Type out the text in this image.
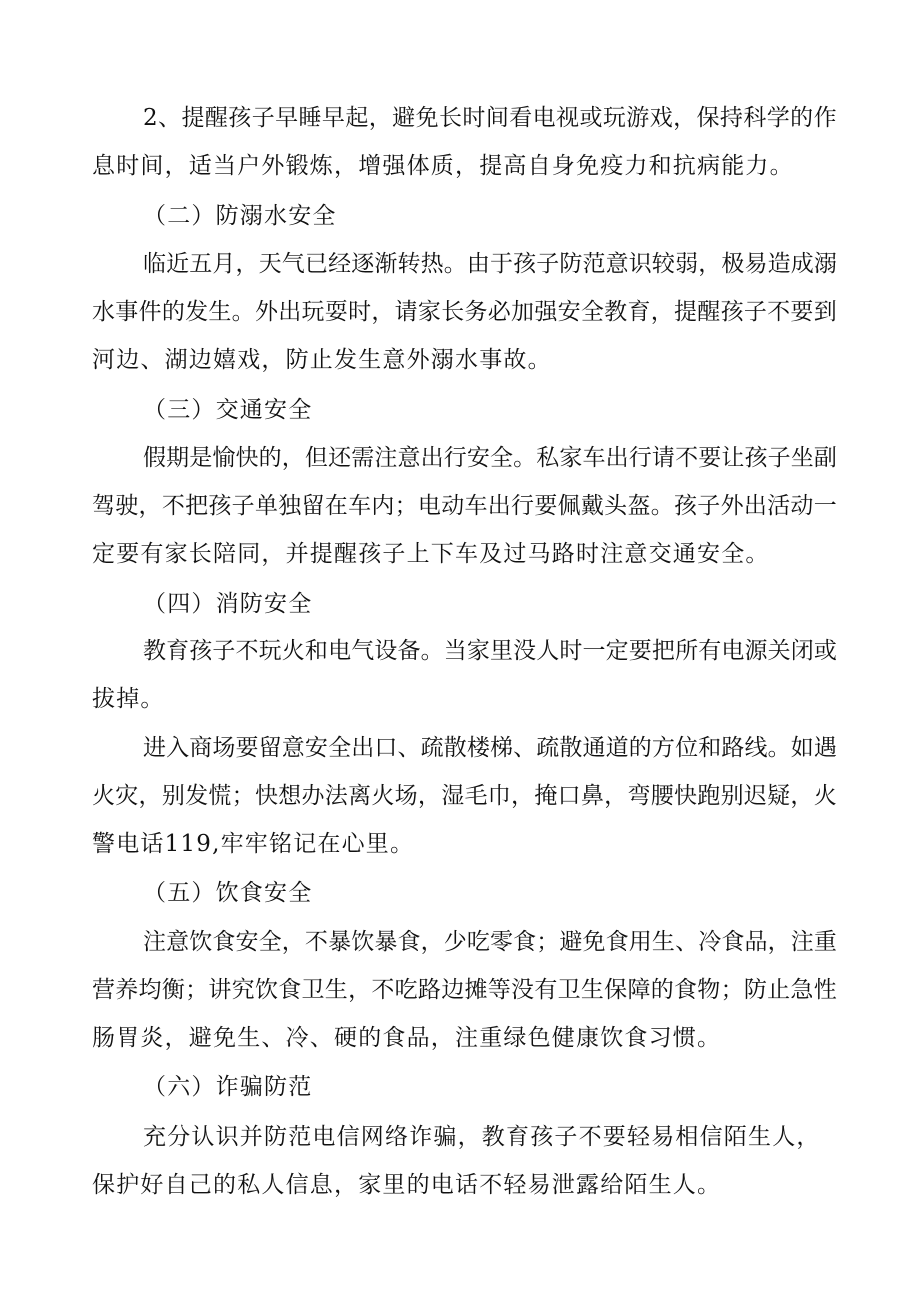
2、提醒孩子早睡早起，避免长时间看电视或玩游戏，保持科学的作
息时间，适当户外锻炼，增强体质，提高自身免疫力和抗病能力。
（二）防溺水安全
临近五月，天气已经逐渐转热。由于孩子防范意识较弱，极易造成溺
水事件的发生。外出玩耍时，请家长务必加强安全教育，提醒孩子不要到
河边、湖边嬉戏，防止发生意外溺水事故。
（三）交通安全
假期是愉快的，但还需注意出行安全。私家车出行请不要让孩子坐副
驾驶，不把孩子单独留在车内；电动车出行要佩戴头盔。孩子外出活动一
定要有家长陪同，并提醒孩子上下车及过马路时注意交通安全。
（四）消防安全
教育孩子不玩火和电气设备。当家里没人时一定要把所有电源关闭或
拔掉。
进入商场要留意安全出口、疏散楼梯、疏散通道的方位和路线。如遇
火灾，别发慌；快想办法离火场，湿毛巾，掩口鼻，弯腰快跑别迟疑，火
警电话119,牢牢铭记在心里。
（五）饮食安全
注意饮食安全，不暴饮暴食，少吃零食；避免食用生、冷食品，注重
营养均衡；讲究饮食卫生，不吃路边摊等没有卫生保障的食物；防止急性
肠胃炎，避免生、冷、硬的食品，注重绿色健康饮食习惯。
（六）诈骗防范
充分认识并防范电信网络诈骗，教育孩子不要轻易相信陌生人，
保护好自己的私人信息，家里的电话不轻易泄露给陌生人。
